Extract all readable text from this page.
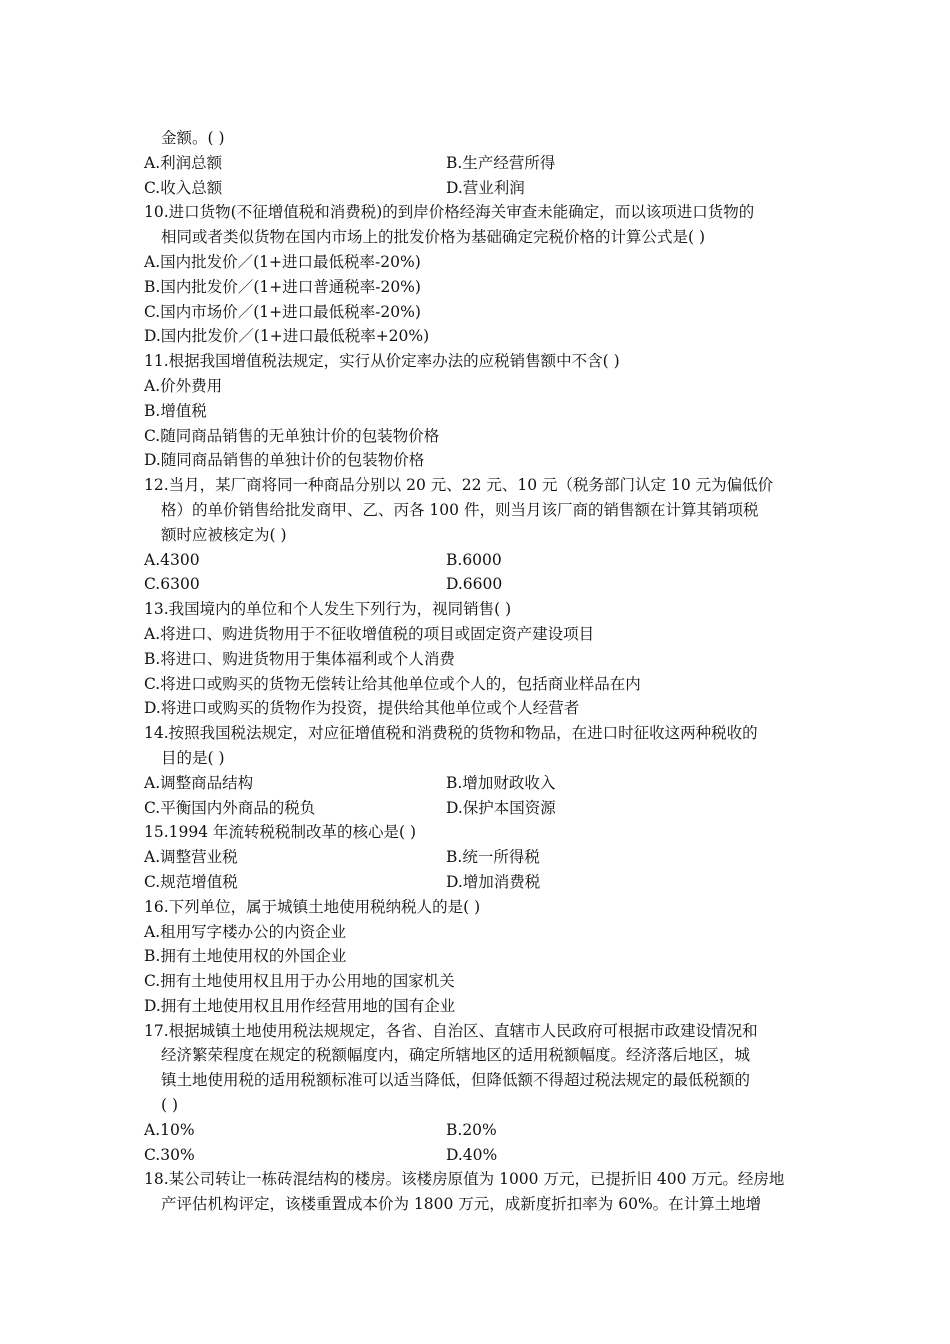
金额。( )
A.利润总额	B.生产经营所得
C.收入总额	D.营业利润
10.进口货物(不征增值税和消费税)的到岸价格经海关审查未能确定，而以该项进口货物的
相同或者类似货物在国内市场上的批发价格为基础确定完税价格的计算公式是( )
A.国内批发价／(1+进口最低税率-20%)
B.国内批发价／(1+进口普通税率-20%)
C.国内市场价／(1+进口最低税率-20%)
D.国内批发价／(1+进口最低税率+20%)
11.根据我国增值税法规定，实行从价定率办法的应税销售额中不含( )
A.价外费用
B.增值税
C.随同商品销售的无单独计价的包装物价格
D.随同商品销售的单独计价的包装物价格
12.当月，某厂商将同一种商品分别以 20 元、22 元、10 元（税务部门认定 10 元为偏低价
格）的单价销售给批发商甲、乙、丙各 100 件，则当月该厂商的销售额在计算其销项税
额时应被核定为( )
A.4300	B.6000
C.6300	D.6600
13.我国境内的单位和个人发生下列行为，视同销售( )
A.将进口、购进货物用于不征收增值税的项目或固定资产建设项目
B.将进口、购进货物用于集体福利或个人消费
C.将进口或购买的货物无偿转让给其他单位或个人的，包括商业样品在内
D.将进口或购买的货物作为投资，提供给其他单位或个人经营者
14.按照我国税法规定，对应征增值税和消费税的货物和物品，在进口时征收这两种税收的
目的是( )
A.调整商品结构	B.增加财政收入
C.平衡国内外商品的税负	D.保护本国资源
15.1994 年流转税税制改革的核心是( )
A.调整营业税	B.统一所得税
C.规范增值税	D.增加消费税
16.下列单位，属于城镇土地使用税纳税人的是( )
A.租用写字楼办公的内资企业
B.拥有土地使用权的外国企业
C.拥有土地使用权且用于办公用地的国家机关
D.拥有土地使用权且用作经营用地的国有企业
17.根据城镇土地使用税法规规定，各省、自治区、直辖市人民政府可根据市政建设情况和
经济繁荣程度在规定的税额幅度内，确定所辖地区的适用税额幅度。经济落后地区，城
镇土地使用税的适用税额标准可以适当降低，但降低额不得超过税法规定的最低税额的
( )
A.10%	B.20%
C.30%	D.40%
18.某公司转让一栋砖混结构的楼房。该楼房原值为 1000 万元，已提折旧 400 万元。经房地
产评估机构评定，该楼重置成本价为 1800 万元，成新度折扣率为 60%。在计算土地增
